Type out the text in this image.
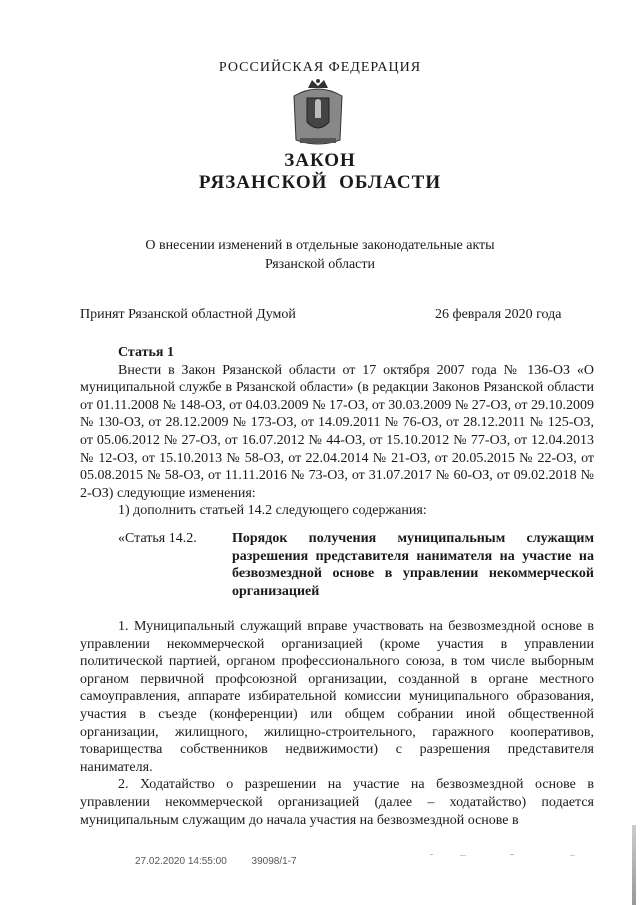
РОССИЙСКАЯ ФЕДЕРАЦИЯ
ЗАКОН
РЯЗАНСКОЙ ОБЛАСТИ
О внесении изменений в отдельные законодательные акты
Рязанской области
Принят Рязанской областной Думой	26 февраля 2020 года
Статья 1

Внести в Закон Рязанской области от 17 октября 2007 года № 136-ОЗ «О муниципальной службе в Рязанской области» (в редакции Законов Рязанской области от 01.11.2008 № 148-ОЗ, от 04.03.2009 № 17-ОЗ, от 30.03.2009 № 27-ОЗ, от 29.10.2009 № 130-ОЗ, от 28.12.2009 № 173-ОЗ, от 14.09.2011 № 76-ОЗ, от 28.12.2011 № 125-ОЗ, от 05.06.2012 № 27-ОЗ, от 16.07.2012 № 44-ОЗ, от 15.10.2012 № 77-ОЗ, от 12.04.2013 № 12-ОЗ, от 15.10.2013 № 58-ОЗ, от 22.04.2014 № 21-ОЗ, от 20.05.2015 № 22-ОЗ, от 05.08.2015 № 58-ОЗ, от 11.11.2016 № 73-ОЗ, от 31.07.2017 № 60-ОЗ, от 09.02.2018 № 2-ОЗ) следующие изменения:

1) дополнить статьей 14.2 следующего содержания:

«Статья 14.2.	Порядок получения муниципальным служащим разрешения представителя нанимателя на участие на безвозмездной основе в управлении некоммерческой организацией

1. Муниципальный служащий вправе участвовать на безвозмездной основе в управлении некоммерческой организацией (кроме участия в управлении политической партией, органом профессионального союза, в том числе выборным органом первичной профсоюзной организации, созданной в органе местного самоуправления, аппарате избирательной комиссии муниципального образования, участия в съезде (конференции) или общем собрании иной общественной организации, жилищного, жилищно-строительного, гаражного кооперативов, товарищества собственников недвижимости) с разрешения представителя нанимателя.

2. Ходатайство о разрешении на участие на безвозмездной основе в управлении некоммерческой организацией (далее – ходатайство) подается муниципальным служащим до начала участия на безвозмездной основе в

27.02.2020 14:55:00 39098/1-7
